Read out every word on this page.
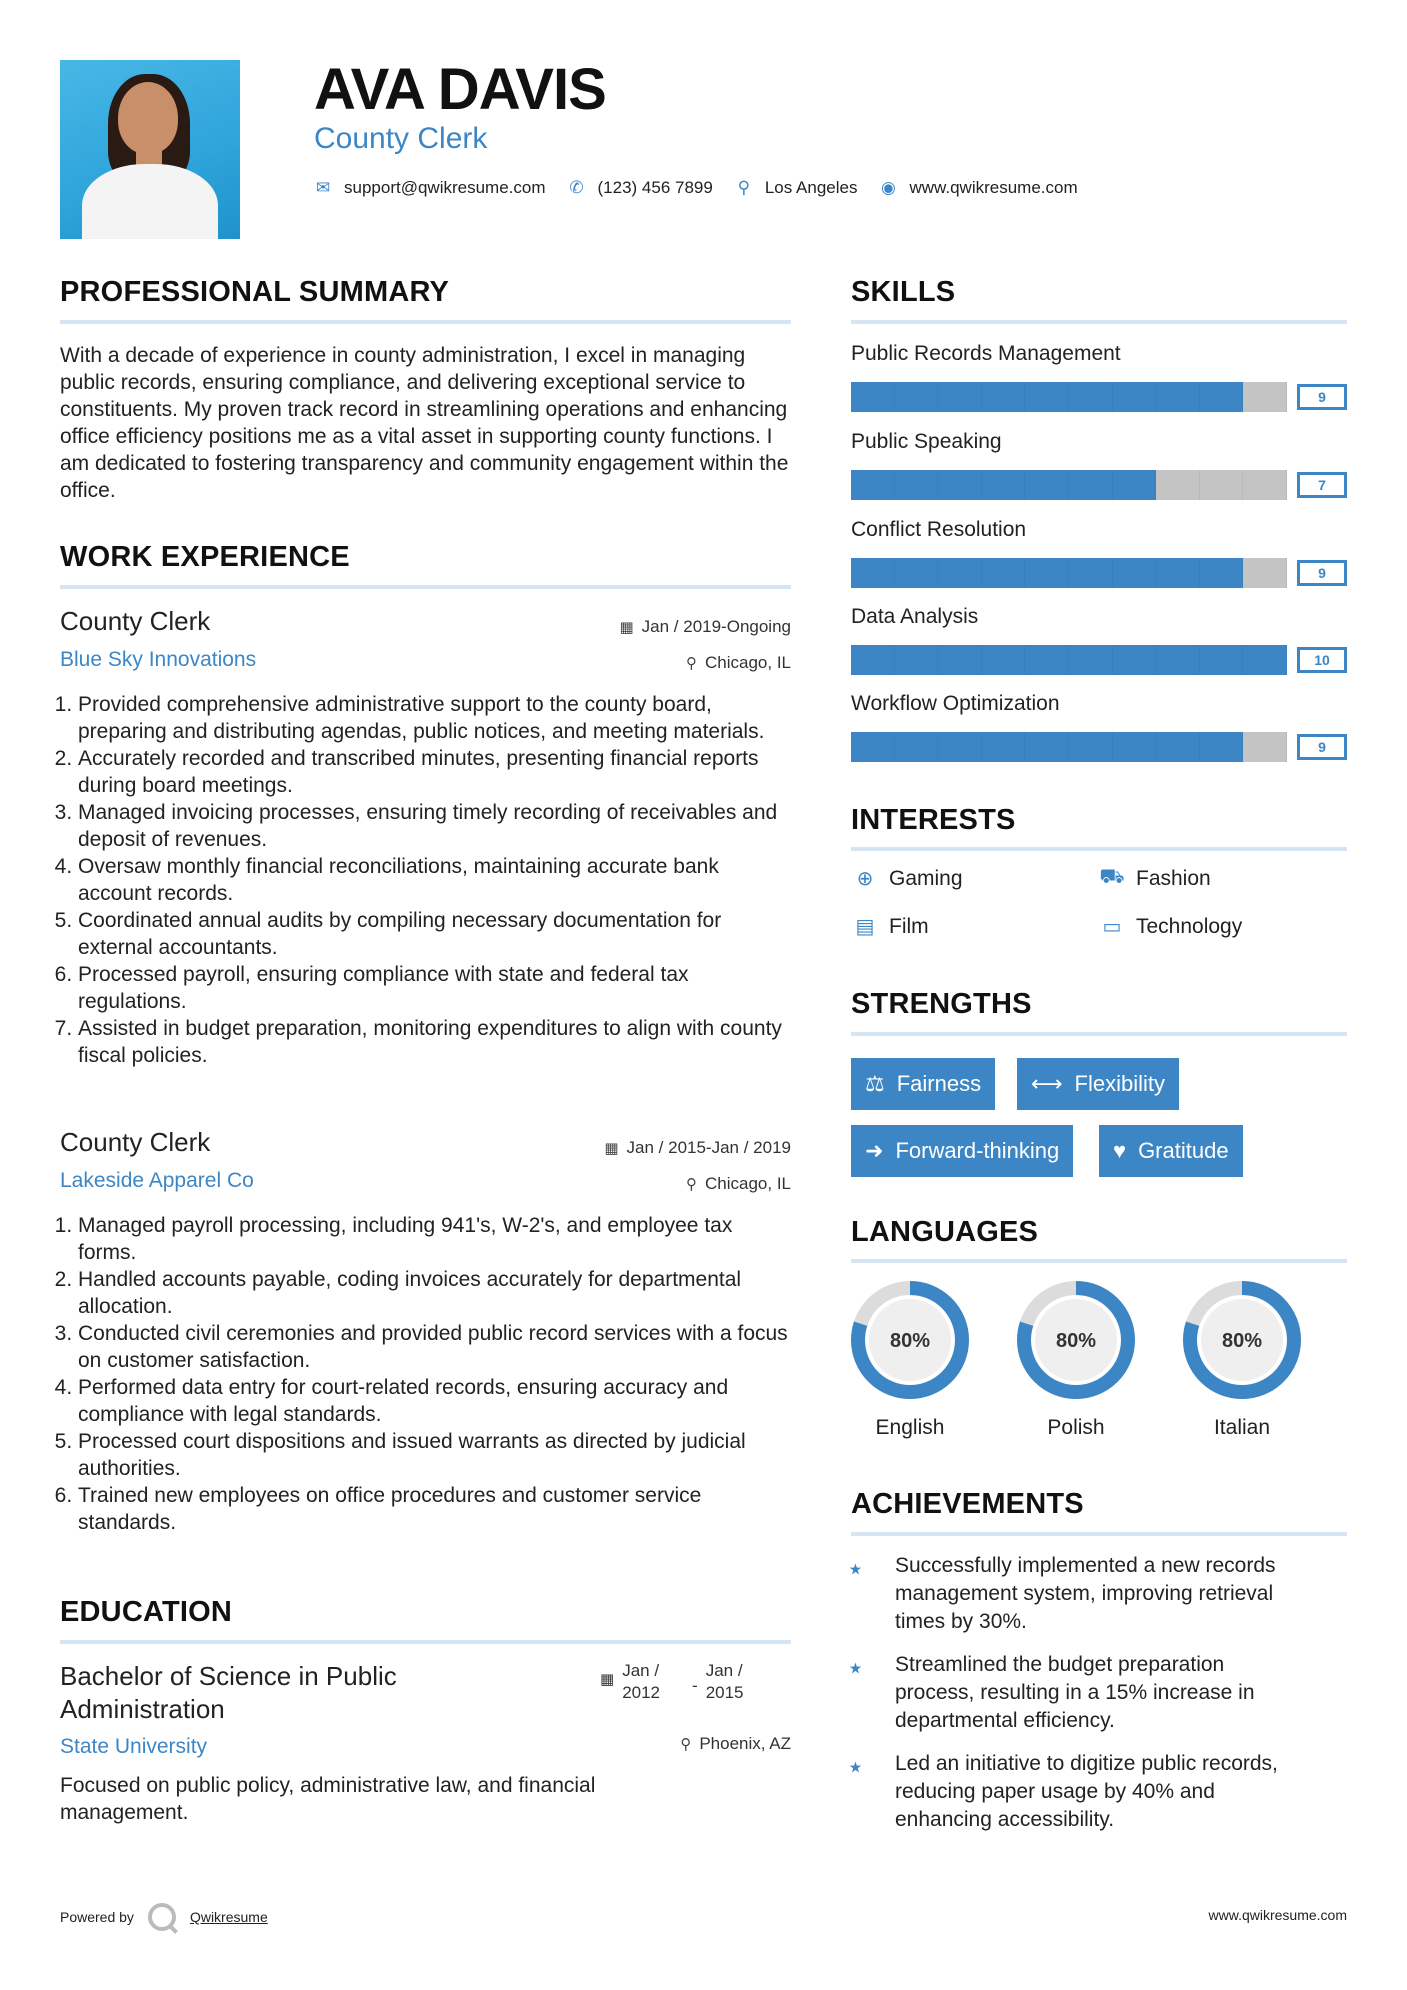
AVA DAVIS
County Clerk
✉ support@qwikresume.com ✆ (123) 456 7899 ⚲ Los Angeles ◉ www.qwikresume.com
PROFESSIONAL SUMMARY
With a decade of experience in county administration, I excel in managing public records, ensuring compliance, and delivering exceptional service to constituents. My proven track record in streamlining operations and enhancing office efficiency positions me as a vital asset in supporting county functions. I am dedicated to fostering transparency and community engagement within the office.
WORK EXPERIENCE
County Clerk
Blue Sky Innovations
▦ Jan / 2019-Ongoing
⚲ Chicago, IL
1. Provided comprehensive administrative support to the county board, preparing and distributing agendas, public notices, and meeting materials.
2. Accurately recorded and transcribed minutes, presenting financial reports during board meetings.
3. Managed invoicing processes, ensuring timely recording of receivables and deposit of revenues.
4. Oversaw monthly financial reconciliations, maintaining accurate bank account records.
5. Coordinated annual audits by compiling necessary documentation for external accountants.
6. Processed payroll, ensuring compliance with state and federal tax regulations.
7. Assisted in budget preparation, monitoring expenditures to align with county fiscal policies.
County Clerk
Lakeside Apparel Co
▦ Jan / 2015-Jan / 2019
⚲ Chicago, IL
1. Managed payroll processing, including 941's, W-2's, and employee tax forms.
2. Handled accounts payable, coding invoices accurately for departmental allocation.
3. Conducted civil ceremonies and provided public record services with a focus on customer satisfaction.
4. Performed data entry for court-related records, ensuring accuracy and compliance with legal standards.
5. Processed court dispositions and issued warrants as directed by judicial authorities.
6. Trained new employees on office procedures and customer service standards.
EDUCATION
Bachelor of Science in Public
Administration
State University
▦ Jan /
2012 -
Jan /
2015
⚲ Phoenix, AZ
Focused on public policy, administrative law, and financial management.
SKILLS
Public Records Management
9
Public Speaking
7
Conflict Resolution
9
Data Analysis
10
Workflow Optimization
9
INTERESTS
⊕ Gaming	⛟ Fashion
▤ Film	▭ Technology
STRENGTHS
⚖ Fairness ⟷ Flexibility
➜ Forward-thinking ♥ Gratitude
LANGUAGES
80%
English
80%
Polish
80%
Italian
ACHIEVEMENTS
⭑ Successfully implemented a new records
management system, improving retrieval
times by 30%.
⭑ Streamlined the budget preparation
process, resulting in a 15% increase in
departmental efficiency.
⭑ Led an initiative to digitize public records,
reducing paper usage by 40% and
enhancing accessibility.
Powered by	Qwikresume	www.qwikresume.com
